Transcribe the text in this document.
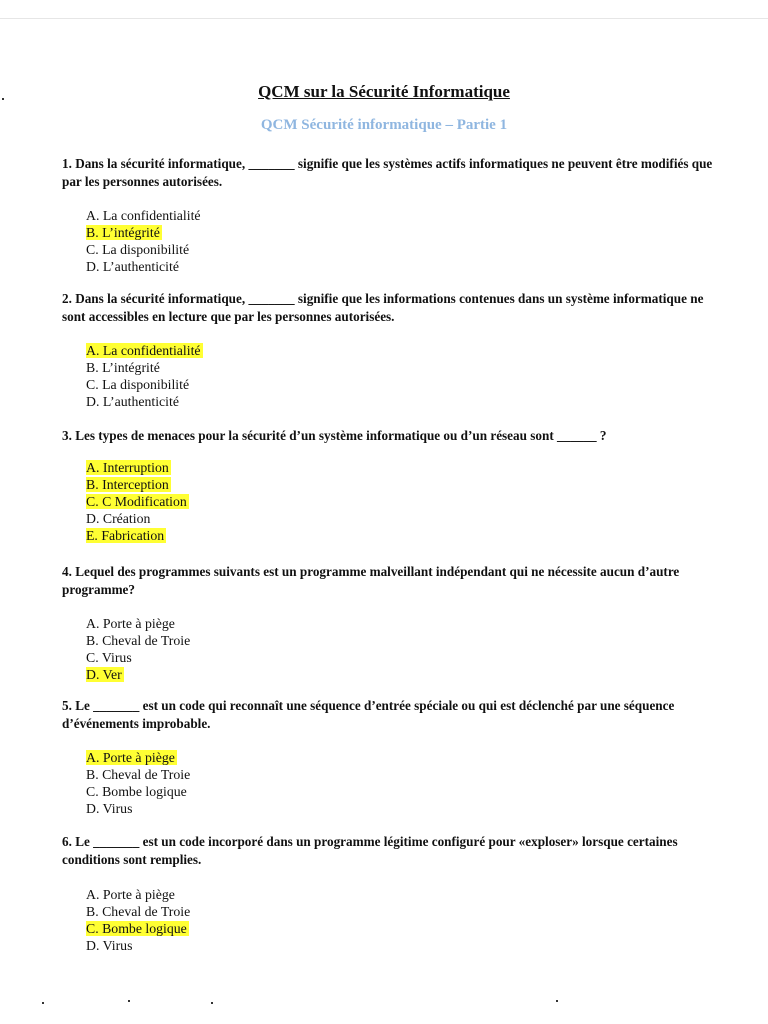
QCM sur la Sécurité Informatique
QCM Sécurité informatique – Partie 1

1. Dans la sécurité informatique, _______ signifie que les systèmes actifs informatiques ne peuvent être modifiés que par les personnes autorisées.

A. La confidentialité
B. L’intégrité
C. La disponibilité
D. L’authenticité

2. Dans la sécurité informatique, _______ signifie que les informations contenues dans un système informatique ne sont accessibles en lecture que par les personnes autorisées.

A. La confidentialité
B. L’intégrité
C. La disponibilité
D. L’authenticité

3. Les types de menaces pour la sécurité d’un système informatique ou d’un réseau sont ______ ?

A. Interruption
B. Interception
C. C Modification
D. Création
E. Fabrication

4. Lequel des programmes suivants est un programme malveillant indépendant qui ne nécessite aucun d’autre programme?

A. Porte à piège
B. Cheval de Troie
C. Virus
D. Ver

5. Le _______ est un code qui reconnaît une séquence d’entrée spéciale ou qui est déclenché par une séquence d’événements improbable.

A. Porte à piège
B. Cheval de Troie
C. Bombe logique
D. Virus

6. Le _______ est un code incorporé dans un programme légitime configuré pour «exploser» lorsque certaines conditions sont remplies.

A. Porte à piège
B. Cheval de Troie
C. Bombe logique
D. Virus
